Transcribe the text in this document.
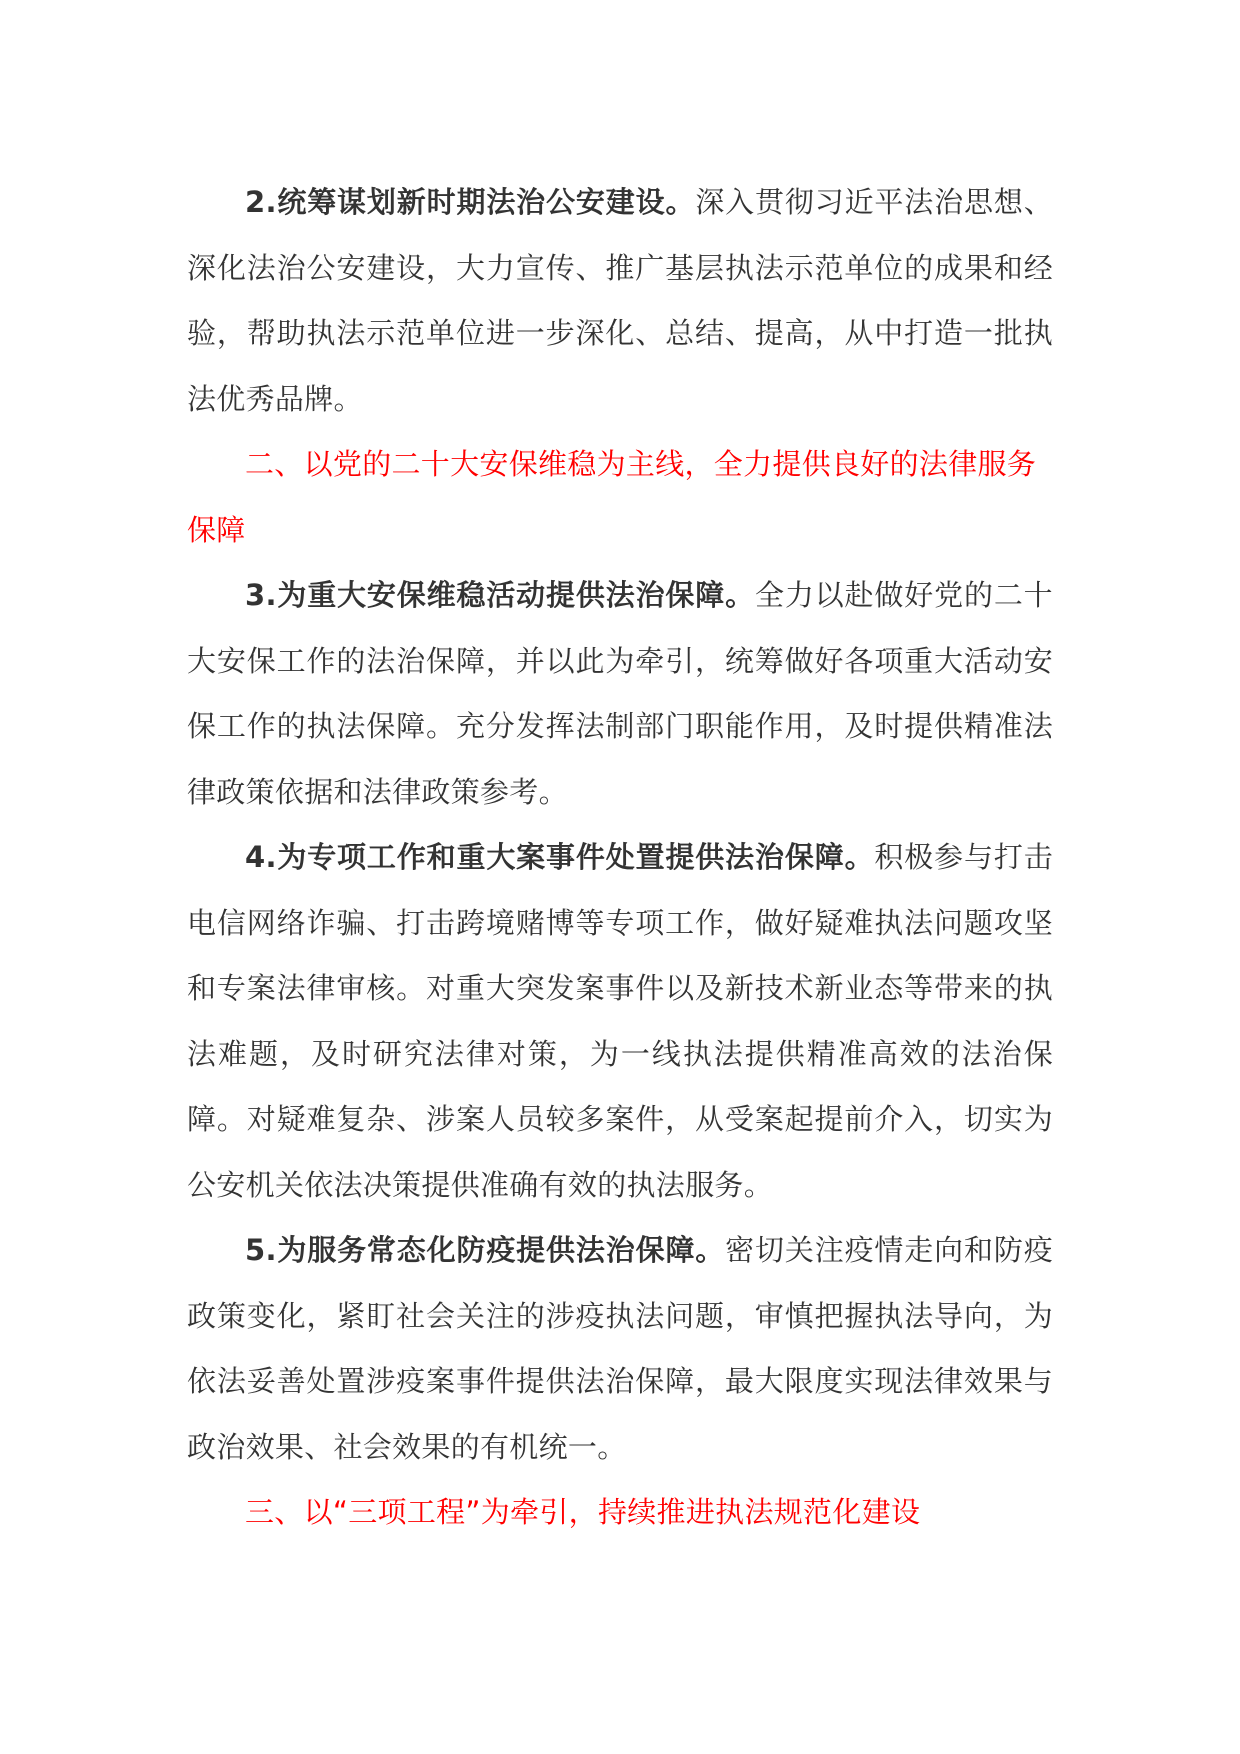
2.统筹谋划新时期法治公安建设。深入贯彻习近平法治思想、深化法治公安建设，大力宣传、推广基层执法示范单位的成果和经验，帮助执法示范单位进一步深化、总结、提高，从中打造一批执法优秀品牌。

二、以党的二十大安保维稳为主线，全力提供良好的法律服务保障

3.为重大安保维稳活动提供法治保障。全力以赴做好党的二十大安保工作的法治保障，并以此为牵引，统筹做好各项重大活动安保工作的执法保障。充分发挥法制部门职能作用，及时提供精准法律政策依据和法律政策参考。

4.为专项工作和重大案事件处置提供法治保障。积极参与打击电信网络诈骗、打击跨境赌博等专项工作，做好疑难执法问题攻坚和专案法律审核。对重大突发案事件以及新技术新业态等带来的执法难题，及时研究法律对策，为一线执法提供精准高效的法治保障。对疑难复杂、涉案人员较多案件，从受案起提前介入，切实为公安机关依法决策提供准确有效的执法服务。

5.为服务常态化防疫提供法治保障。密切关注疫情走向和防疫政策变化，紧盯社会关注的涉疫执法问题，审慎把握执法导向，为依法妥善处置涉疫案事件提供法治保障，最大限度实现法律效果与政治效果、社会效果的有机统一。

三、以“三项工程”为牵引，持续推进执法规范化建设
